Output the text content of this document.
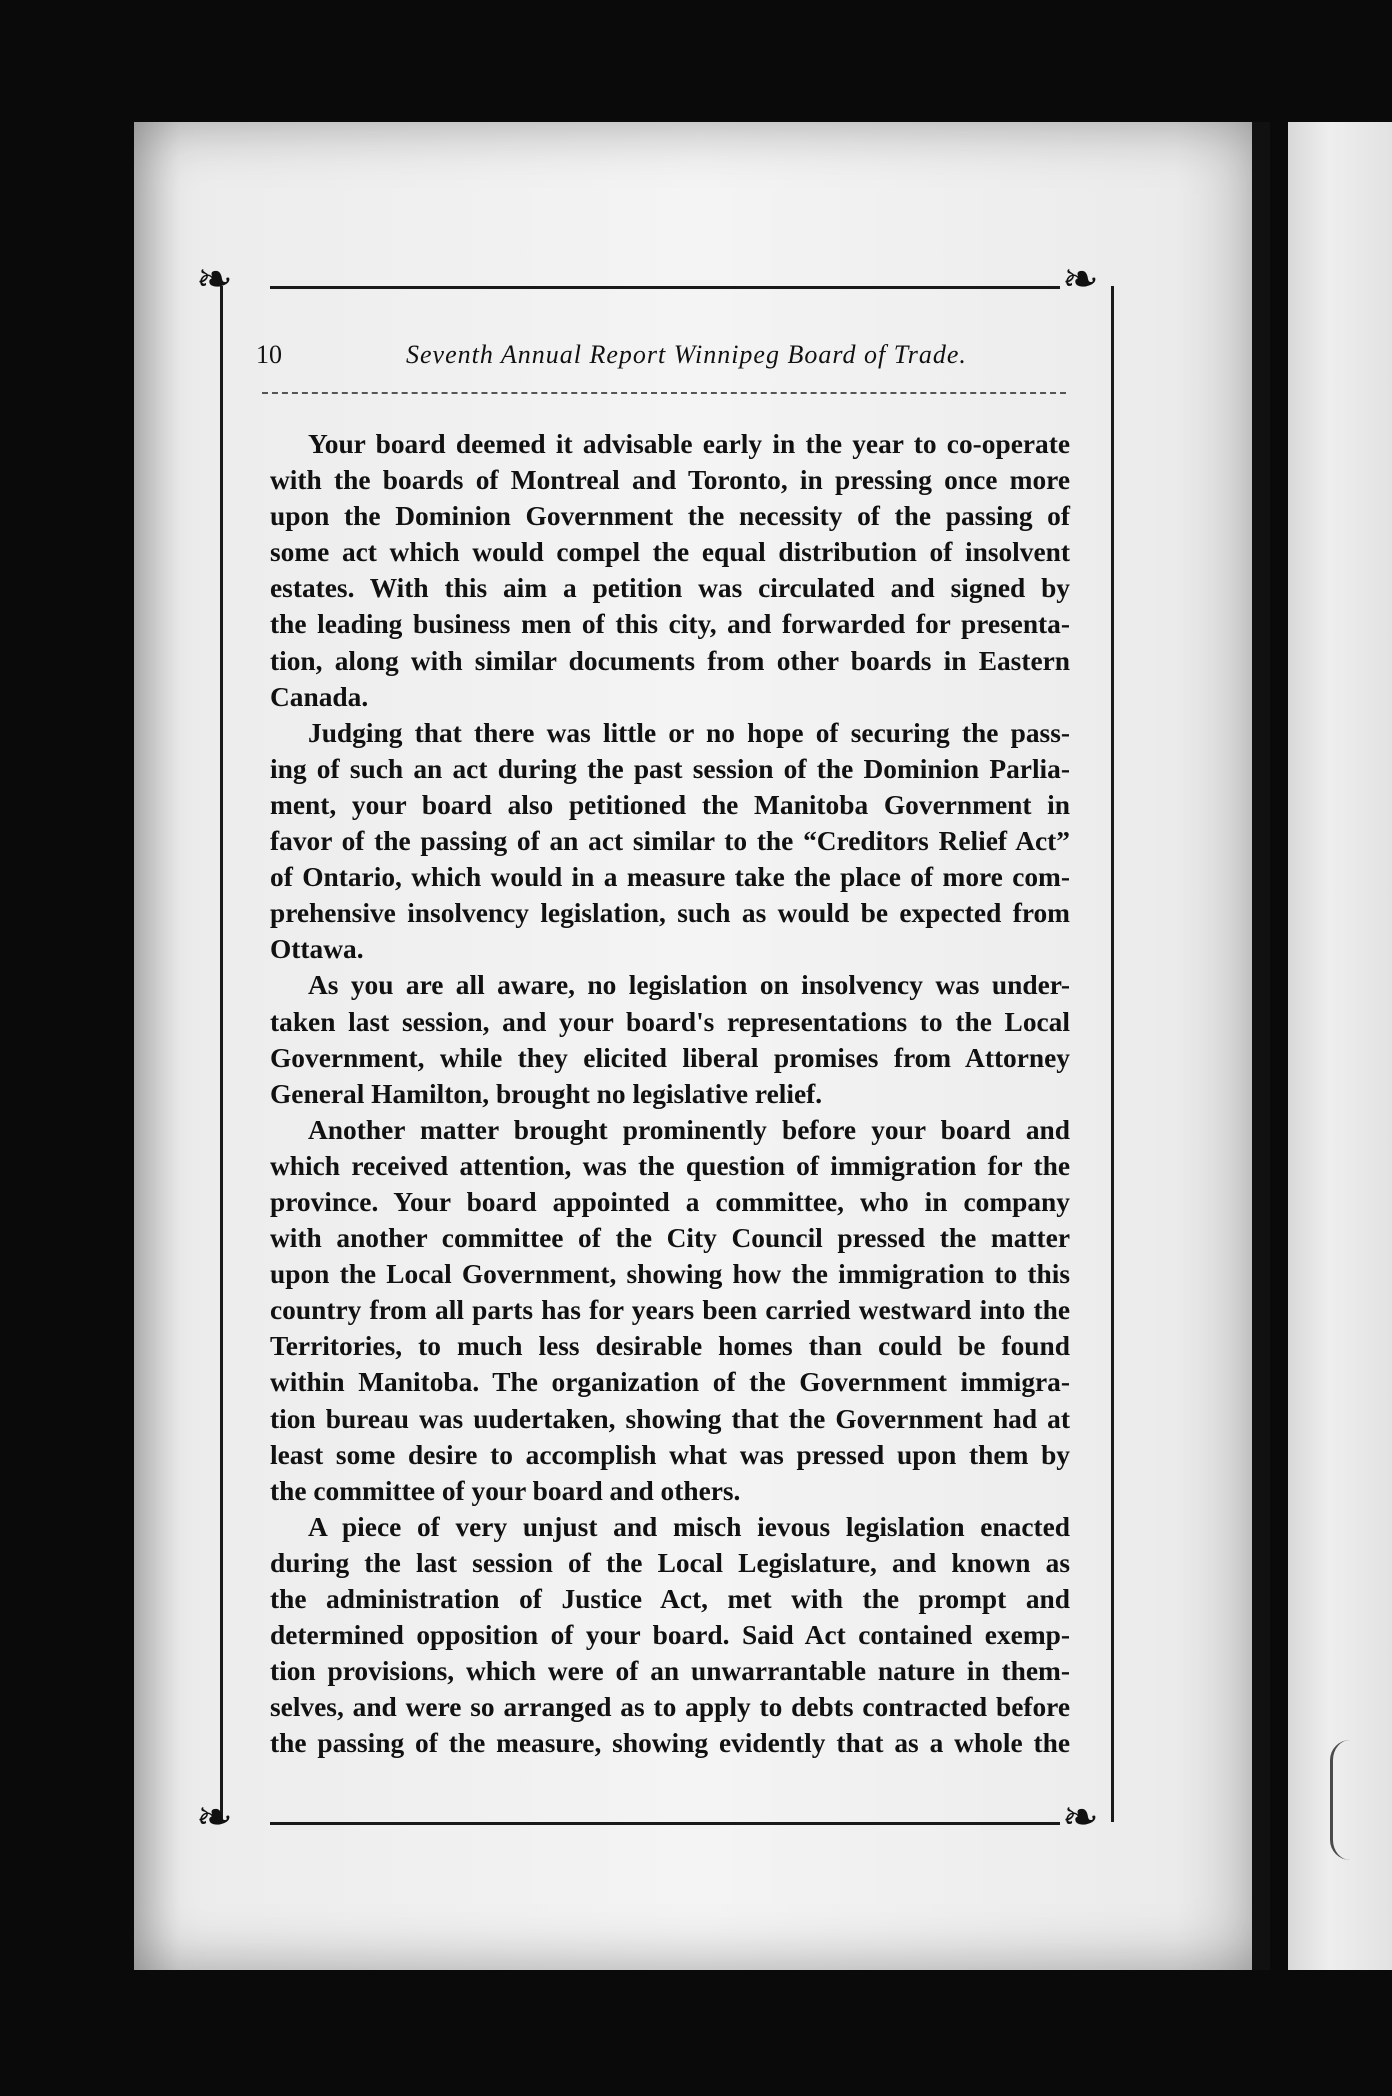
❧	❧
❧	❧
10	Seventh Annual Report Winnipeg Board of Trade.
Your board deemed it advisable early in the year to co-operate
with the boards of Montreal and Toronto, in pressing once more
upon the Dominion Government the necessity of the passing of
some act which would compel the equal distribution of insolvent
estates. With this aim a petition was circulated and signed by
the leading business men of this city, and forwarded for presenta-
tion, along with similar documents from other boards in Eastern
Canada.
Judging that there was little or no hope of securing the pass-
ing of such an act during the past session of the Dominion Parlia-
ment, your board also petitioned the Manitoba Government in
favor of the passing of an act similar to the “Creditors Relief Act”
of Ontario, which would in a measure take the place of more com-
prehensive insolvency legislation, such as would be expected from
Ottawa.
As you are all aware, no legislation on insolvency was under-
taken last session, and your board's representations to the Local
Government, while they elicited liberal promises from Attorney
General Hamilton, brought no legislative relief.
Another matter brought prominently before your board and
which received attention, was the question of immigration for the
province. Your board appointed a committee, who in company
with another committee of the City Council pressed the matter
upon the Local Government, showing how the immigration to this
country from all parts has for years been carried westward into the
Territories, to much less desirable homes than could be found
within Manitoba. The organization of the Government immigra-
tion bureau was uudertaken, showing that the Government had at
least some desire to accomplish what was pressed upon them by
the committee of your board and others.
A piece of very unjust and misch ievous legislation enacted
during the last session of the Local Legislature, and known as
the administration of Justice Act, met with the prompt and
determined opposition of your board. Said Act contained exemp-
tion provisions, which were of an unwarrantable nature in them-
selves, and were so arranged as to apply to debts contracted before
the passing of the measure, showing evidently that as a whole the
